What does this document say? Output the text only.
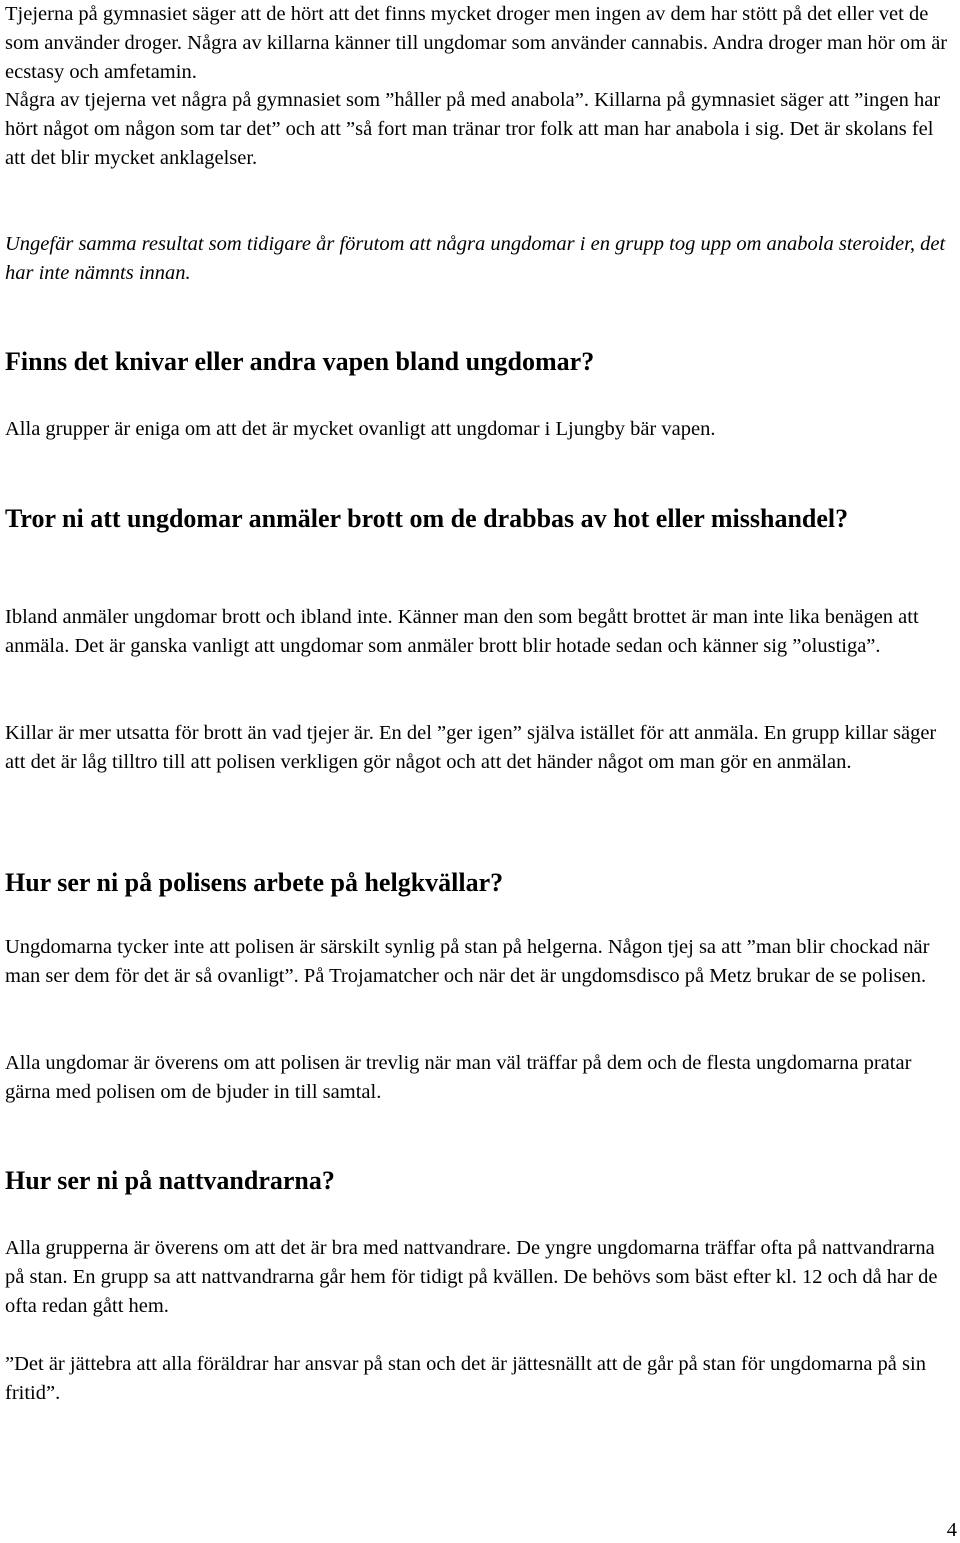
Tjejerna på gymnasiet säger att de hört att det finns mycket droger men ingen av dem har stött på det eller vet de som använder droger. Några av killarna känner till ungdomar som använder cannabis. Andra droger man hör om är ecstasy och amfetamin.

Några av tjejerna vet några på gymnasiet som ”håller på med anabola”. Killarna på gymnasiet säger att ”ingen har hört något om någon som tar det” och att ”så fort man tränar tror folk att man har anabola i sig. Det är skolans fel att det blir mycket anklagelser.

Ungefär samma resultat som tidigare år förutom att några ungdomar i en grupp tog upp om anabola steroider, det har inte nämnts innan.

Finns det knivar eller andra vapen bland ungdomar?

Alla grupper är eniga om att det är mycket ovanligt att ungdomar i Ljungby bär vapen.

Tror ni att ungdomar anmäler brott om de drabbas av hot eller misshandel?

Ibland anmäler ungdomar brott och ibland inte. Känner man den som begått brottet är man inte lika benägen att anmäla. Det är ganska vanligt att ungdomar som anmäler brott blir hotade sedan och känner sig ”olustiga”.

Killar är mer utsatta för brott än vad tjejer är. En del ”ger igen” själva istället för att anmäla. En grupp killar säger att det är låg tilltro till att polisen verkligen gör något och att det händer något om man gör en anmälan.

Hur ser ni på polisens arbete på helgkvällar?

Ungdomarna tycker inte att polisen är särskilt synlig på stan på helgerna. Någon tjej sa att ”man blir chockad när man ser dem för det är så ovanligt”. På Trojamatcher och när det är ungdomsdisco på Metz brukar de se polisen.

Alla ungdomar är överens om att polisen är trevlig när man väl träffar på dem och de flesta ungdomarna pratar gärna med polisen om de bjuder in till samtal.

Hur ser ni på nattvandrarna?

Alla grupperna är överens om att det är bra med nattvandrare. De yngre ungdomarna träffar ofta på nattvandrarna på stan. En grupp sa att nattvandrarna går hem för tidigt på kvällen. De behövs som bäst efter kl. 12 och då har de ofta redan gått hem.

”Det är jättebra att alla föräldrar har ansvar på stan och det är jättesnällt att de går på stan för ungdomarna på sin fritid”.

4
